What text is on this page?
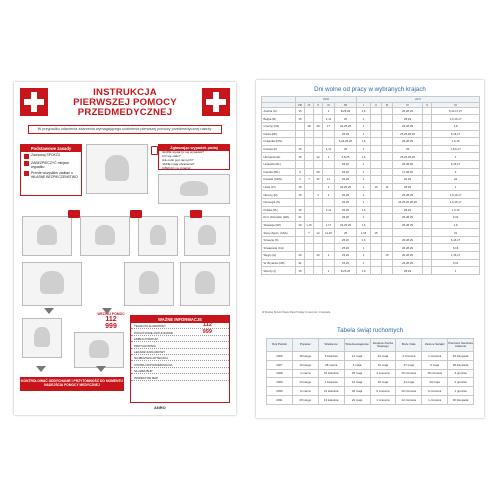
INSTRUKCJA
PIERWSZEJ POMOCY
PRZEDMEDYCZNEJ
W przypadku zdarzenia zdarzenia wymagającego udzielenia pierwszej pomocy przedmedycznej należy:
Podstawowe zasady
Zachowaj SPOKÓJ
ZABEZPIECZYĆ miejsce wypadku
Przede wszystkim zadbać o WŁASNE BEZPIECZEŃSTWO
Zgłaszając wypadek podaj
GDZIE wydarzył się wypadek?
CO się stało?
ILE osób jest rannych?
JAKIE mają obrażenia?
CZEKAĆ na pytania!
WEZWIJ POMOC
112
999
WAŻNE INFORMACJE
TELEFON ALARMOWY	112
POGOTOWIE RATUNKOWE	999
AMBULATORIUM
PRZYCHODNIA
LEKARZ ZAKŁADOWY
NAJBLIŻSZA APTECZKA
OSOBA ODPOWIEDZIALNA
SŁUŻBA BHP
INSPEKTOR BHP
KONTROLOWAĆ ODDYCHANIE I PRZYTOMNOŚĆ DO MOMENTU NADEJŚCIA POMOCY MEDYCZNEJ
ANRO
Dni wolne od pracy w wybranych krajach
	2026					2027					
	VIII	IX	X	XI	XII	I	II	III	IV	V	VI
Austria (A)	15			1	8,25,26	1,6			26,28,29		5,14,17,27
Belgia (B)	15			1,11	25	1			28,29		1,6,16,17
Czechy (CZ)		28	28	17	24,25,26	1			26,28,29		1,8
Dania (DK)					25,26	1			25,26,28,29		6,16,17
Finlandia (FIN)					6,24,25,26	1,6			26,28,29		1,6,16
Francja (F)	15			1,11	25	1			29		1,8,6,17
Hiszpania (E)	15		12	1	6,8,25	1,6			25,26,28,29		1
Holandia (NL)					25,26	1			26,28,29		6,16,17
Irlandia (IRL)	3		26		25,26	1			17,28,29		3
Kanada (CDN)	3	7	12	11	25,26	1			26,29		24
Litwa (LT)	15			1	24,25,26	1	16	11	28,29		1
Niemcy (D)	15		3	1	25,26	1			26,28,29		1,6,16,17
Norwegia (N)					25,26	1			24,25,26,28,29		1,6,16,17
Polska (PL)	15			1,11	25,26	1,6			28,29		1,3,16
Port. Wszystko (WA)	31				25,26	1			26,28,29		3,31
Słowacja (SK)	29	1,15		1,17	24,25,26	1,6			26,28,29		1,8
Stany Zjedn. (USA)		7	12	11,26	25	1,18	15				31
Szwecja (S)					25,26	1,6			26,28,29		6,16,17
Szwajcaria (CH)					25,26	1			26,28,29		6,16
Węgry (H)	20		23	1	25,26	1		15	26,28,29		1,16,17
W. Brytania (GB)	31				25,26	1			26,28,29		3,31
Włochy (I)	15			1	8,25,26	1,6			28,29		1
W Wielkiej Brytanii Święto Bank Holiday 31 sierpnia i 1 listopada
Tabela świąt ruchomych
Rok Pański	Popielec	Wielkanoc	Wniebowstąpienie	Zesłanie Ducha Świętego	Boże Ciało	Zielone Świątki	Pierwsza Niedziela Adwentu
2026	18 lutego	5 kwietnia	14 maja	24 maja	4 czerwca	1 czerwca	29 listopada
2027	10 lutego	28 marca	6 maja	16 maja	27 maja	6 maja	28 listopada
2028	1 marca	16 kwietnia	25 maja	4 czerwca	15 czerwca	15 czerwca	3 grudnia
2029	14 lutego	1 kwietnia	10 maja	20 maja	31 maja	20 maja	2 grudnia
2030	6 marca	21 kwietnia	30 maja	9 czerwca	20 czerwca	9 czerwca	1 grudnia
2031	26 lutego	13 kwietnia	22 maja	1 czerwca	12 czerwca	1 czerwca	30 listopada
